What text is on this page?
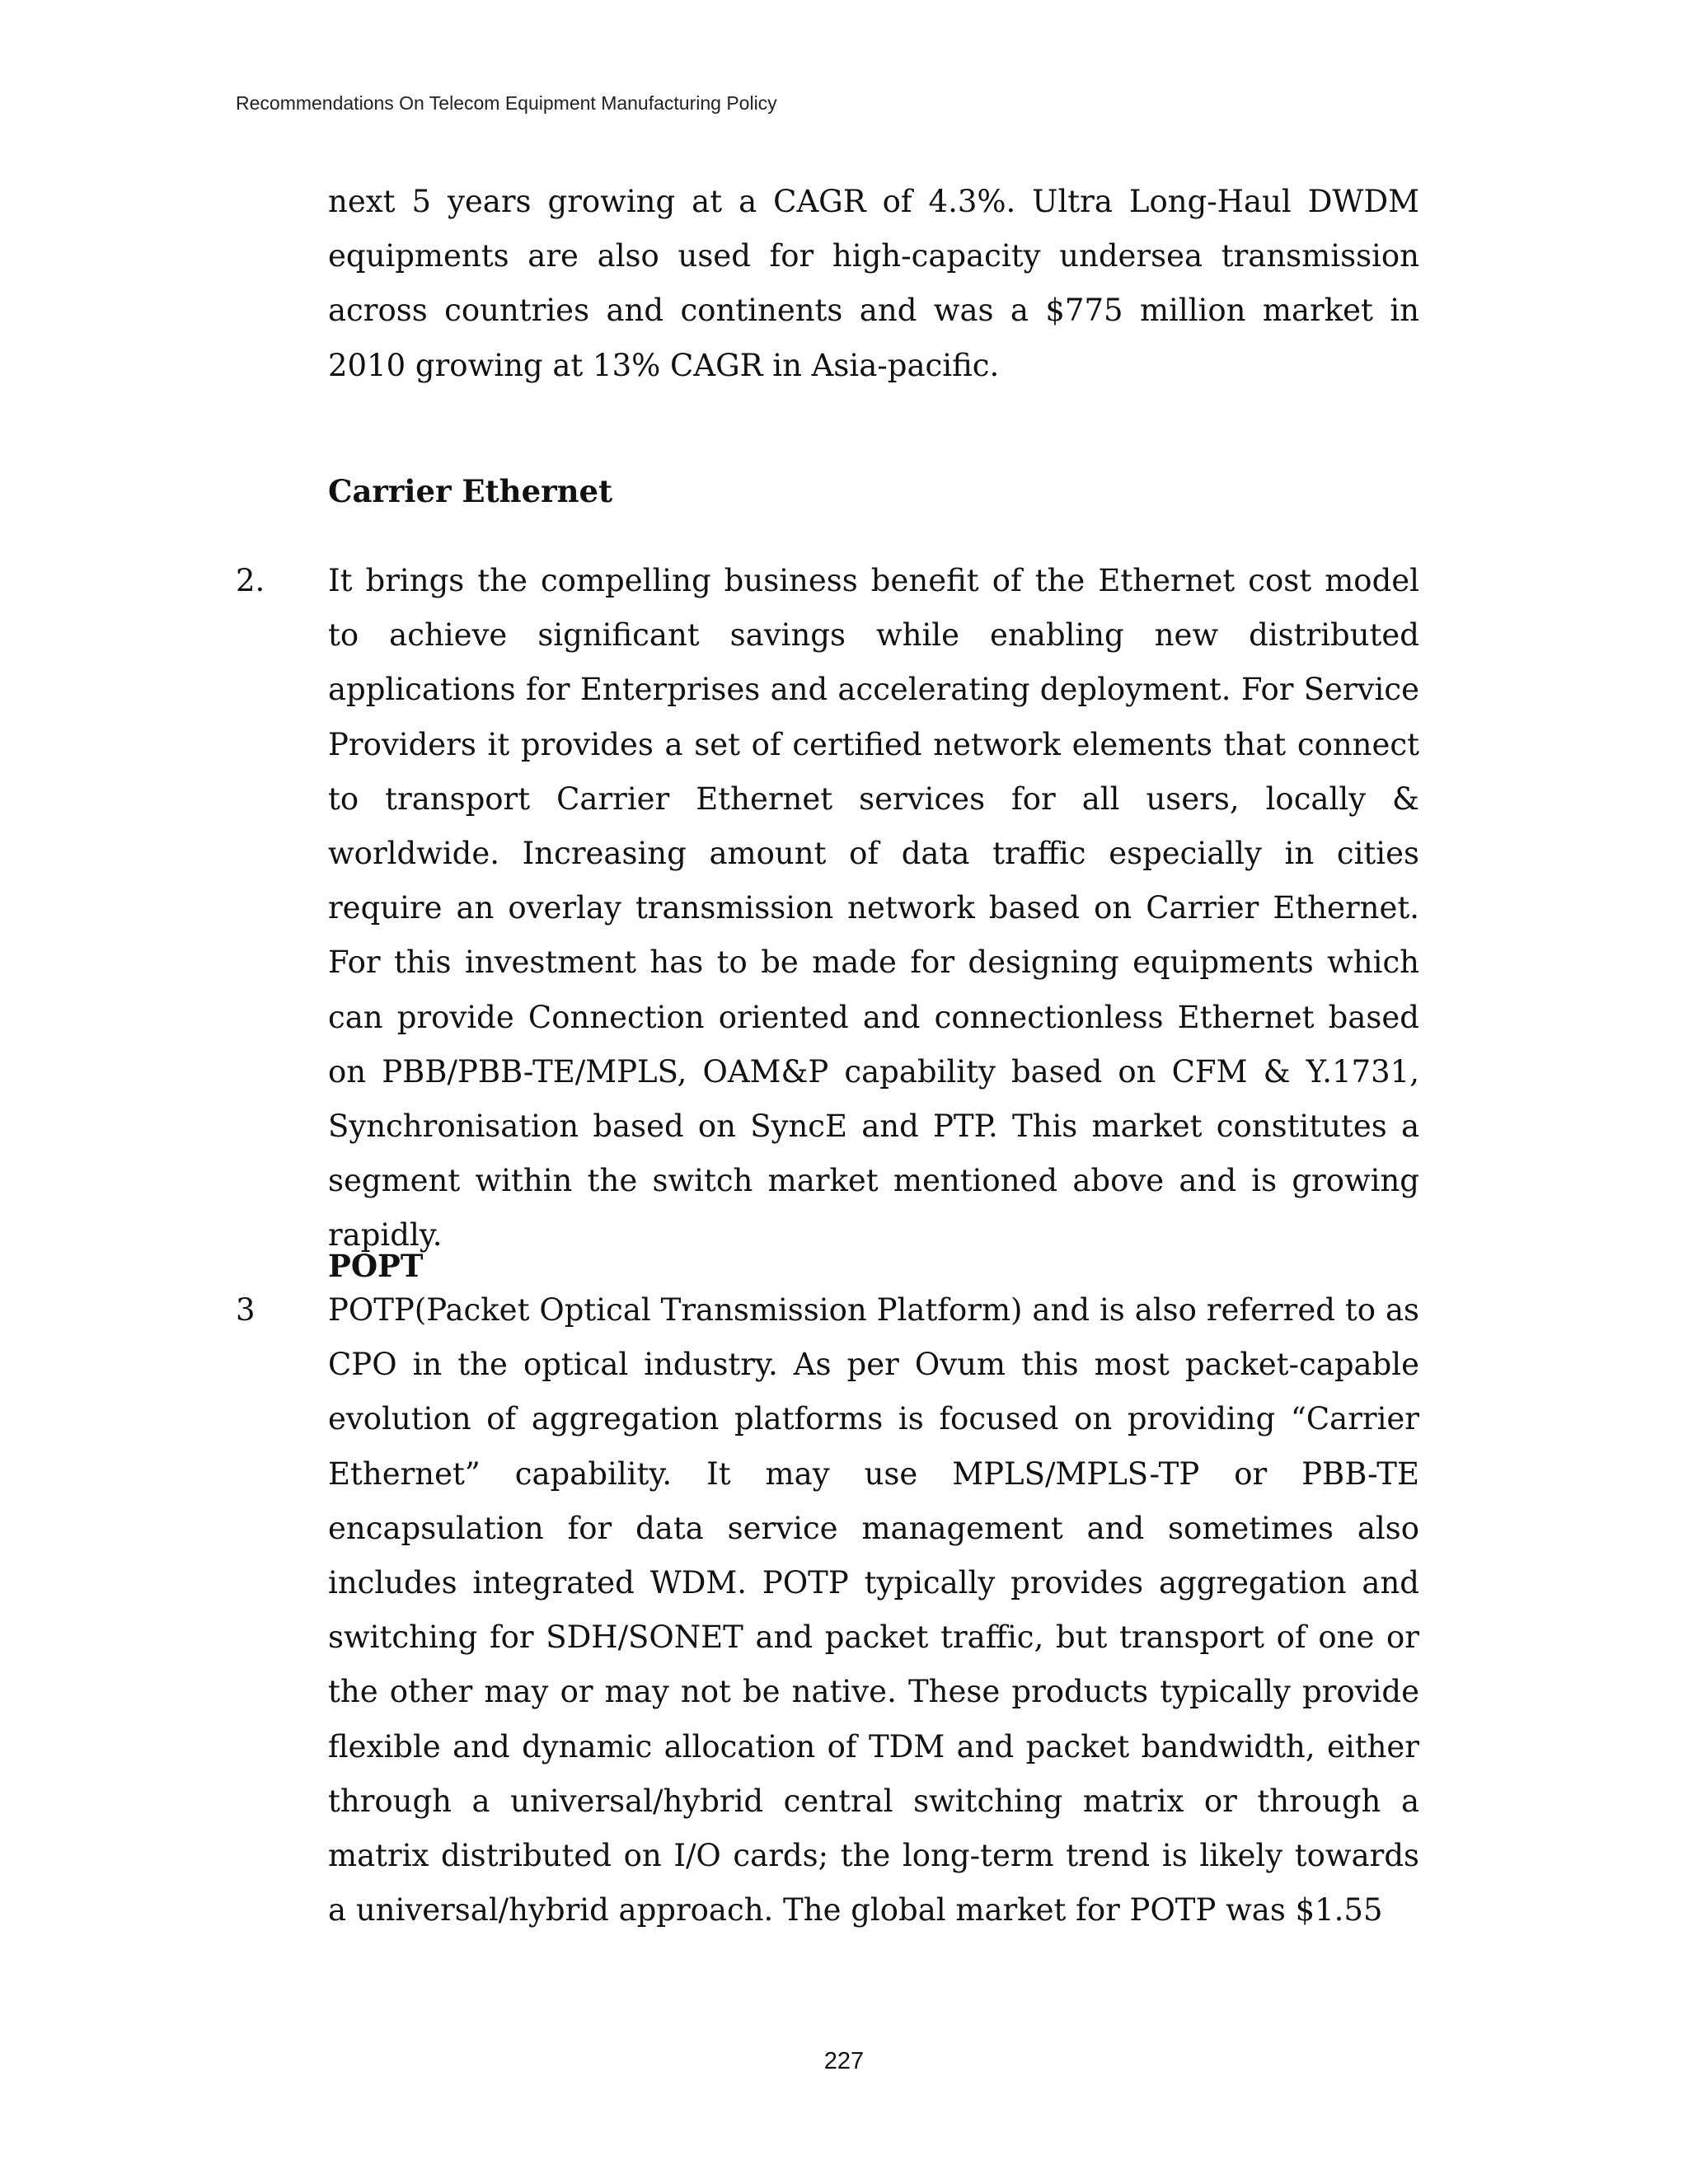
Recommendations On Telecom Equipment Manufacturing Policy

next 5 years growing at a CAGR of 4.3%. Ultra Long-Haul DWDM equipments are also used for high-capacity undersea transmission across countries and continents and was a $775 million market in 2010 growing at 13% CAGR in Asia-pacific.

Carrier Ethernet
2. It brings the compelling business benefit of the Ethernet cost model to achieve significant savings while enabling new distributed applications for Enterprises and accelerating deployment. For Service Providers it provides a set of certified network elements that connect to transport Carrier Ethernet services for all users, locally & worldwide. Increasing amount of data traffic especially in cities require an overlay transmission network based on Carrier Ethernet. For this investment has to be made for designing equipments which can provide Connection oriented and connectionless Ethernet based on PBB/PBB-TE/MPLS, OAM&P capability based on CFM & Y.1731, Synchronisation based on SyncE and PTP. This market constitutes a segment within the switch market mentioned above and is growing rapidly.

POPT
3 POTP(Packet Optical Transmission Platform) and is also referred to as CPO in the optical industry. As per Ovum this most packet-capable evolution of aggregation platforms is focused on providing “Carrier Ethernet” capability. It may use MPLS/MPLS-TP or PBB-TE encapsulation for data service management and sometimes also includes integrated WDM. POTP typically provides aggregation and switching for SDH/SONET and packet traffic, but transport of one or the other may or may not be native. These products typically provide flexible and dynamic allocation of TDM and packet bandwidth, either through a universal/hybrid central switching matrix or through a matrix distributed on I/O cards; the long-term trend is likely towards a universal/hybrid approach. The global market for POTP was $1.55

227
